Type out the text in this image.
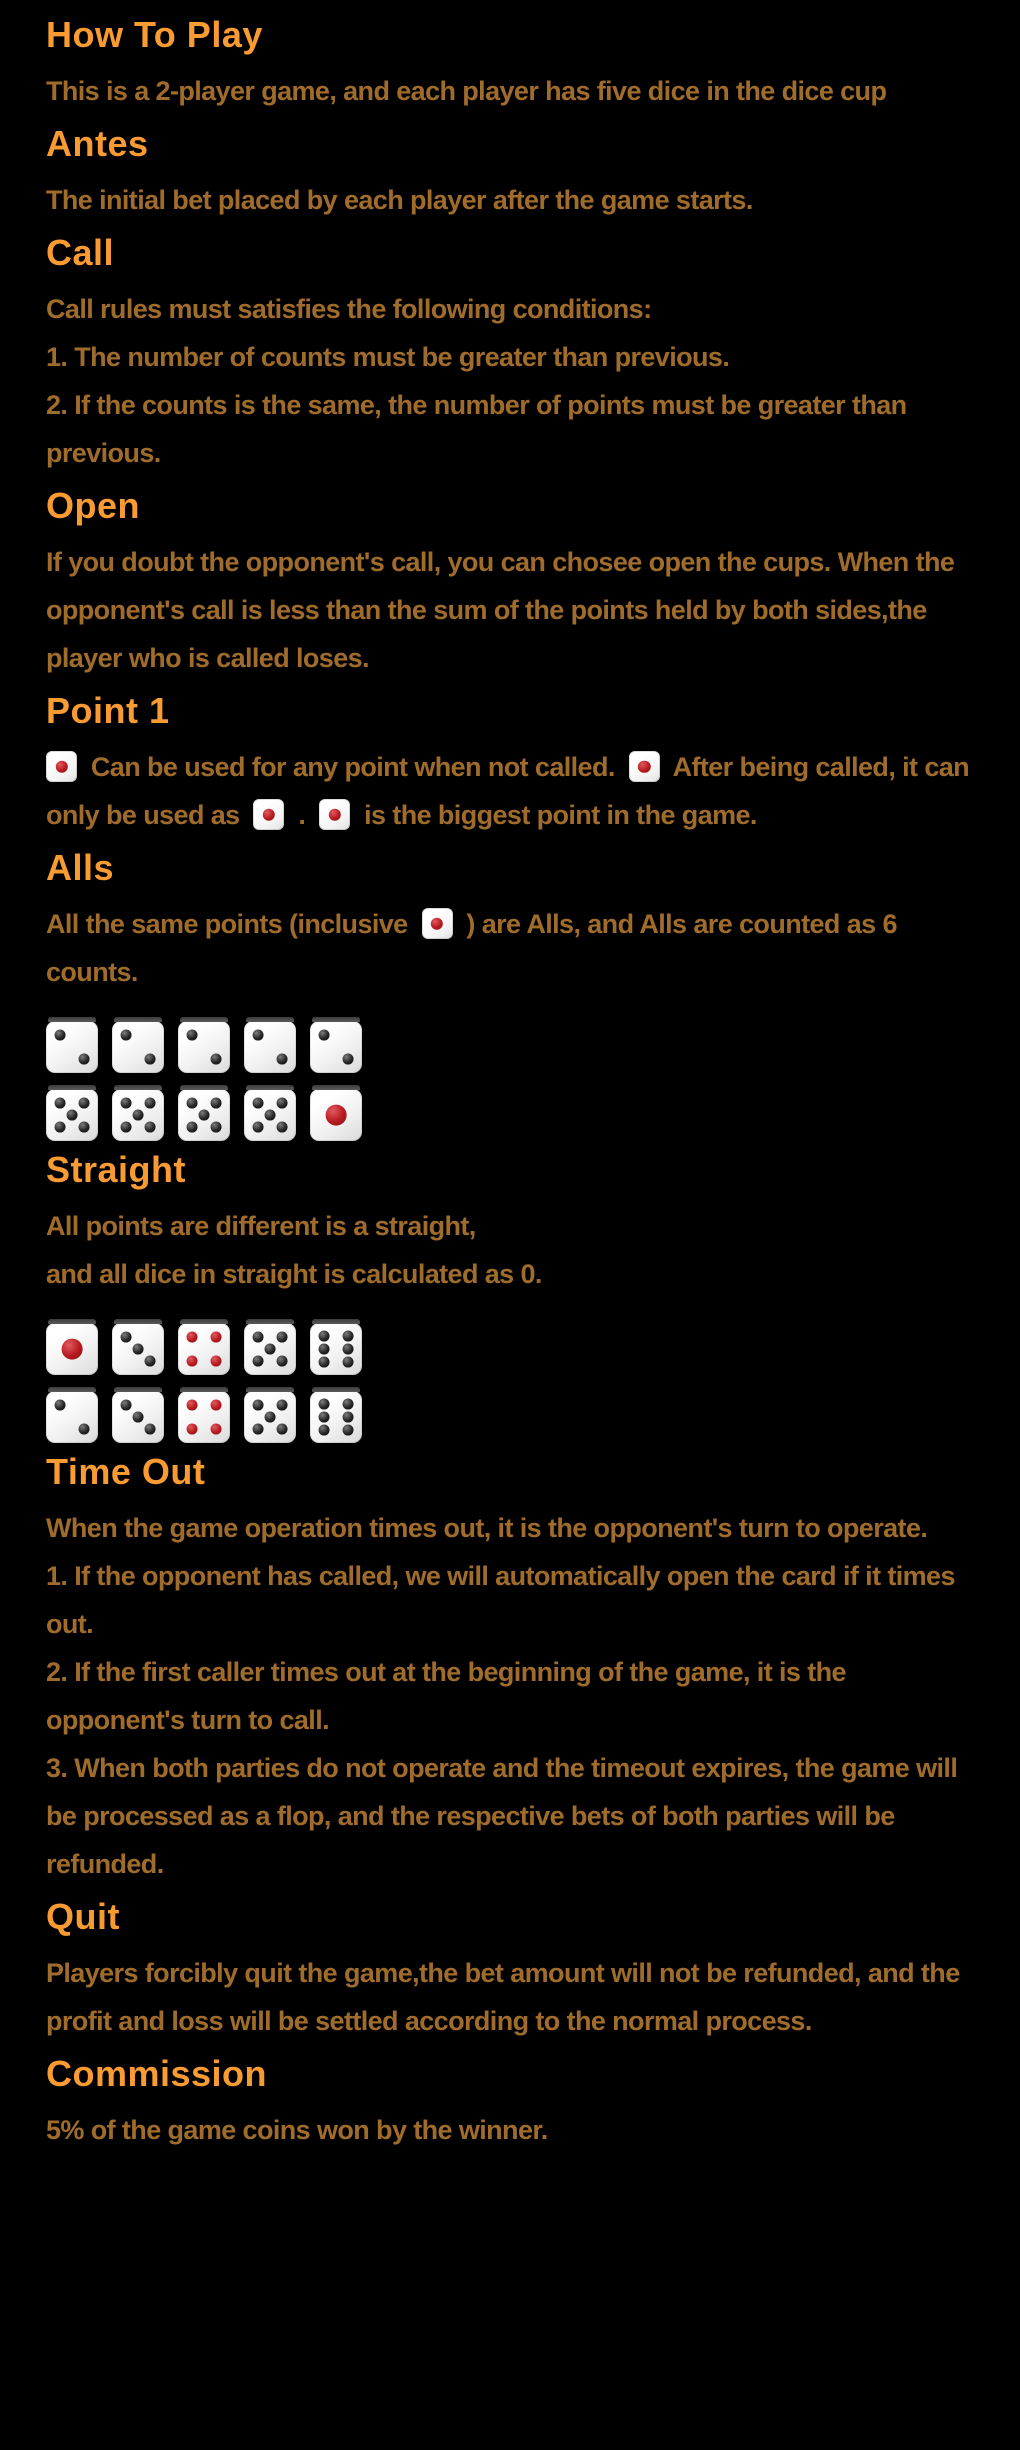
How To Play

This is a 2-player game, and each player has five dice in the dice cup

Antes

The initial bet placed by each player after the game starts.

Call

Call rules must satisfies the following conditions:
1. The number of counts must be greater than previous.
2. If the counts is the same, the number of points must be greater than previous.

Open

If you doubt the opponent's call, you can chosee open the cups. When the opponent's call is less than the sum of the points held by both sides,the player who is called loses.

Point 1

Can be used for any point when not called.
After being called, it can only be used as
.
is the biggest point in the game.

Alls

All the same points (inclusive
) are Alls, and Alls are counted as 6 counts.

Straight

All points are different is a straight,
and all dice in straight is calculated as 0.

Time Out

When the game operation times out, it is the opponent's turn to operate.
1. If the opponent has called, we will automatically open the card if it times out.
2. If the first caller times out at the beginning of the game, it is the opponent's turn to call.
3. When both parties do not operate and the timeout expires, the game will be processed as a flop, and the respective bets of both parties will be refunded.

Quit

Players forcibly quit the game,the bet amount will not be refunded, and the profit and loss will be settled according to the normal process.

Commission

5% of the game coins won by the winner.
